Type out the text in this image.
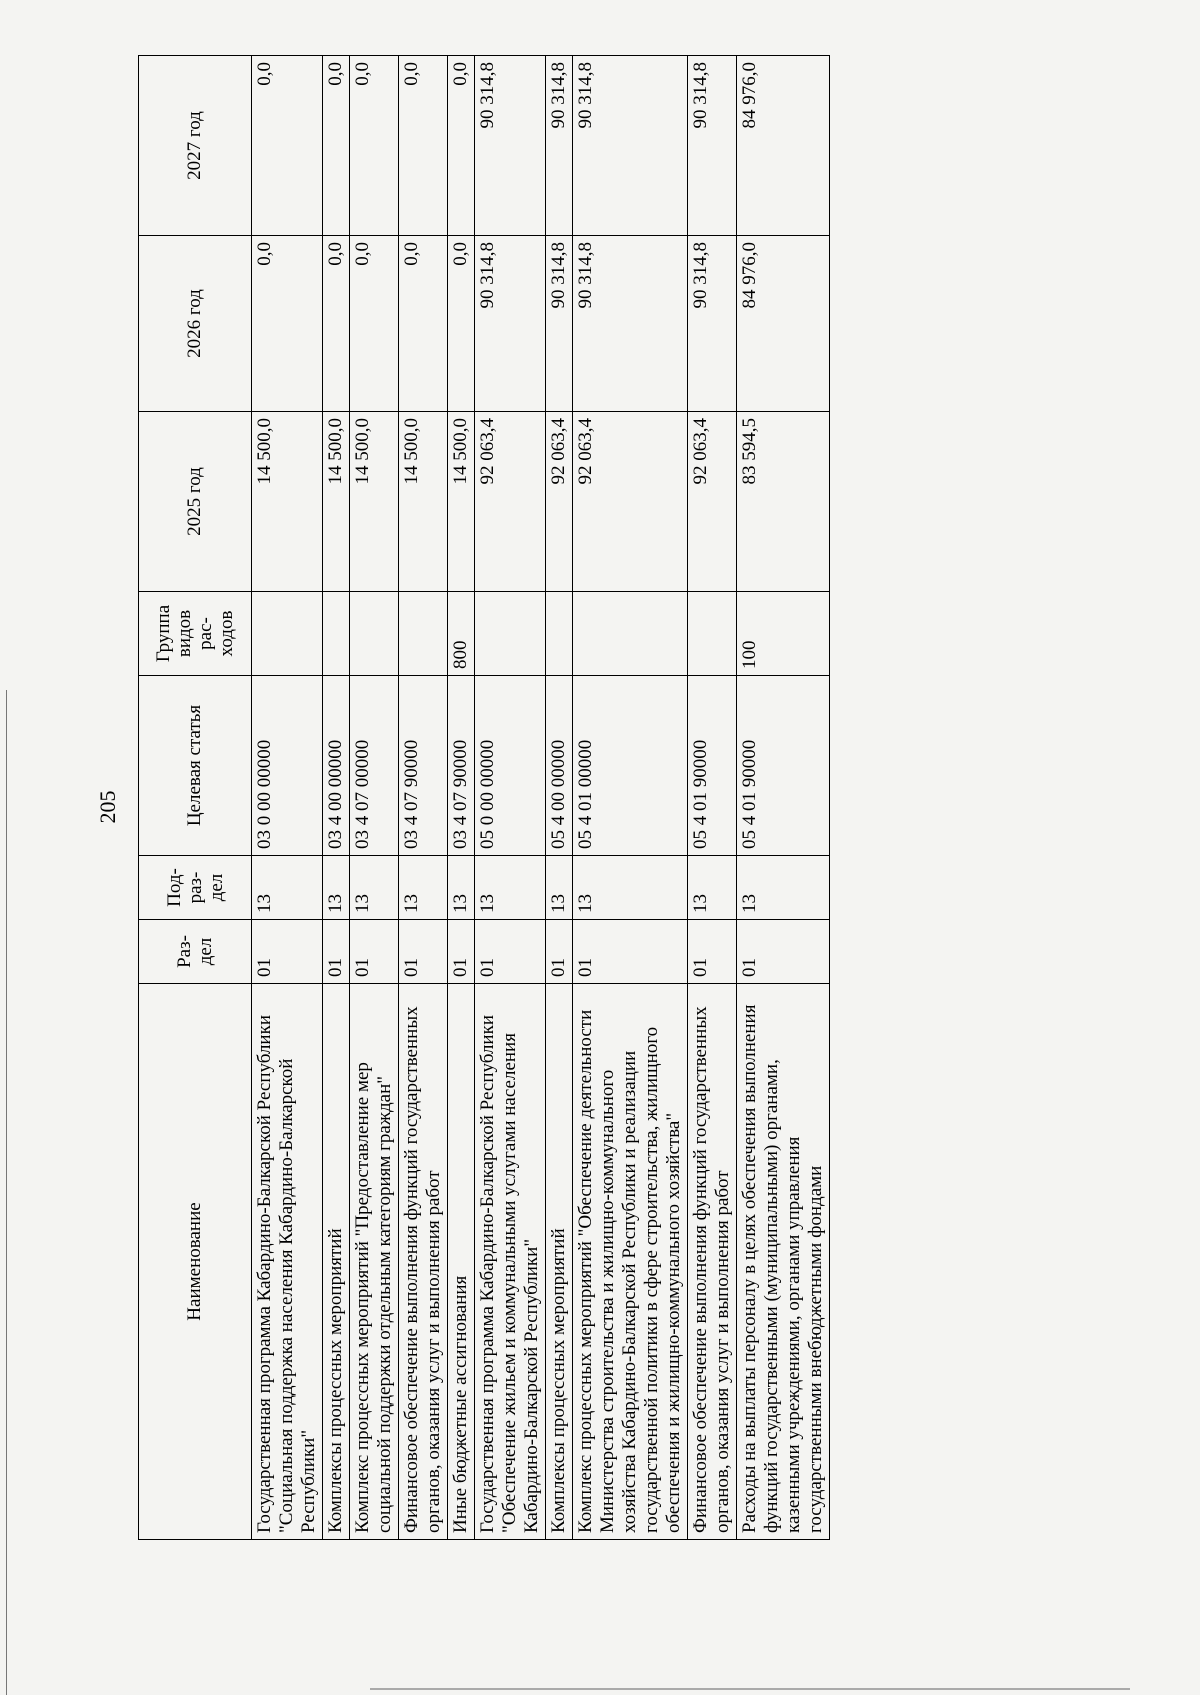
205
Наименование	Раз-дел	Под-раз-дел	Целевая статья	Группа видов рас-ходов	2025 год	2026 год	2027 год
Государственная программа Кабардино-Балкарской Республики "Социальная поддержка населения Кабардино-Балкарской Республики"	01	13	03 0 00 00000		14 500,0	0,0	0,0
Комплексы процессных мероприятий	01	13	03 4 00 00000		14 500,0	0,0	0,0
Комплекс процессных мероприятий "Предоставление мер социальной поддержки отдельным категориям граждан"	01	13	03 4 07 00000		14 500,0	0,0	0,0
Финансовое обеспечение выполнения функций государственных органов, оказания услуг и выполнения работ	01	13	03 4 07 90000		14 500,0	0,0	0,0
Иные бюджетные ассигнования	01	13	03 4 07 90000	800	14 500,0	0,0	0,0
Государственная программа Кабардино-Балкарской Республики "Обеспечение жильем и коммунальными услугами населения Кабардино-Балкарской Республики"	01	13	05 0 00 00000		92 063,4	90 314,8	90 314,8
Комплексы процессных мероприятий	01	13	05 4 00 00000		92 063,4	90 314,8	90 314,8
Комплекс процессных мероприятий "Обеспечение деятельности Министерства строительства и жилищно-коммунального хозяйства Кабардино-Балкарской Республики и реализации государственной политики в сфере строительства, жилищного обеспечения и жилищно-коммунального хозяйства"	01	13	05 4 01 00000		92 063,4	90 314,8	90 314,8
Финансовое обеспечение выполнения функций государственных органов, оказания услуг и выполнения работ	01	13	05 4 01 90000		92 063,4	90 314,8	90 314,8
Расходы на выплаты персоналу в целях обеспечения выполнения функций государственными (муниципальными) органами, казенными учреждениями, органами управления государственными внебюджетными фондами	01	13	05 4 01 90000	100	83 594,5	84 976,0	84 976,0
